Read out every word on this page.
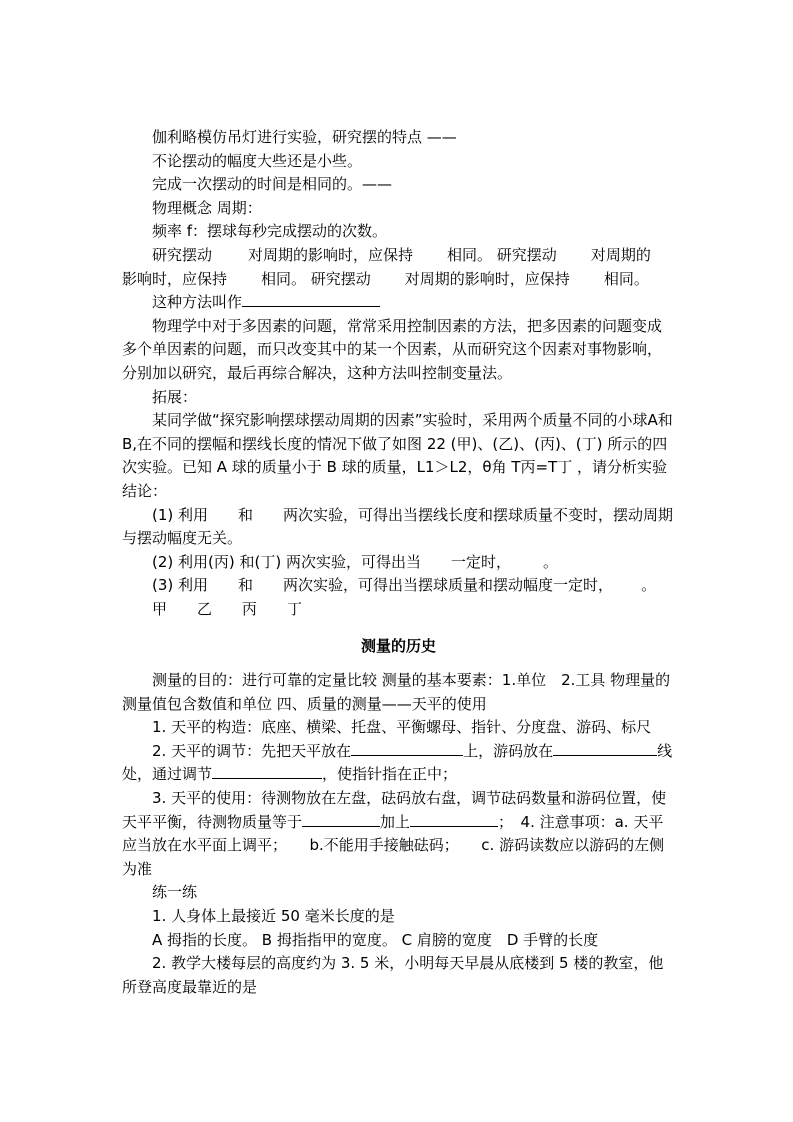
伽利略模仿吊灯进行实验，研究摆的特点 ——

不论摆动的幅度大些还是小些。

完成一次摆动的时间是相同的。——

物理概念 周期：

频率 f：摆球每秒完成摆动的次数。

研究摆动 对周期的影响时，应保持 相同。 研究摆动 对周期的

影响时，应保持 相同。 研究摆动 对周期的影响时，应保持 相同。

这种方法叫作

物理学中对于多因素的问题，常常采用控制因素的方法，把多因素的问题变成多个单因素的问题，而只改变其中的某一个因素，从而研究这个因素对事物影响，分别加以研究，最后再综合解决，这种方法叫控制变量法。

拓展：

某同学做“探究影响摆球摆动周期的因素”实验时，采用两个质量不同的小球A和B,在不同的摆幅和摆线长度的情况下做了如图 22 (甲)、(乙)、(丙)、(丁) 所示的四次实验。已知 A 球的质量小于 B 球的质量，L1＞L2，θ角 T丙=T丁 ，请分析实验结论：

(1) 利用 和 两次实验，可得出当摆线长度和摆球质量不变时，摆动周期与摆动幅度无关。

(2) 利用(丙) 和(丁) 两次实验，可得出当 一定时， 。

(3) 利用 和 两次实验，可得出当摆球质量和摆动幅度一定时， 。

甲 乙 丙 丁

测量的历史

测量的目的：进行可靠的定量比较 测量的基本要素：1.单位　2.工具 物理量的测量值包含数值和单位 四、质量的测量——天平的使用

1. 天平的构造：底座、横梁、托盘、平衡螺母、指针、分度盘、游码、标尺

2. 天平的调节：先把天平放在	上，游码放在	线处，通过调节	，使指针指在正中；

3. 天平的使用：待测物放在左盘，砝码放右盘，调节砝码数量和游码位置，使天平平衡，待测物质量等于	加上	；　4. 注意事项：a. 天平应当放在水平面上调平；　　b.不能用手接触砝码；　　c. 游码读数应以游码的左侧为准

练一练

1. 人身体上最接近 50 毫米长度的是

A 拇指的长度。 B 拇指指甲的宽度。 C 肩膀的宽度　D 手臂的长度

2. 教学大楼每层的高度约为 3. 5 米，小明每天早晨从底楼到 5 楼的教室，他所登高度最靠近的是
